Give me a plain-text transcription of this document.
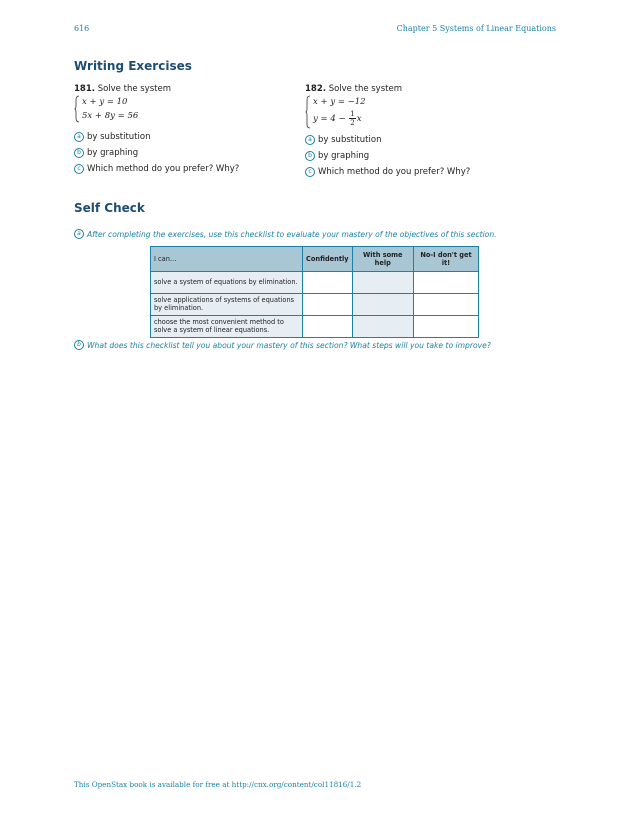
616	Chapter 5 Systems of Linear Equations
Writing Exercises
181. Solve the system
x + y = 10
5x + 8y = 56
a by substitution
b by graphing
c Which method do you prefer? Why?
182. Solve the system
x + y = −12
$y = 4 - \frac{1}{2}$ x
a by substitution
b by graphing
c Which method do you prefer? Why?
Self Check
a After completing the exercises, use this checklist to evaluate your mastery of the objectives of this section.
I can…	Confidently	With some help	No-I don't get it!
solve a system of equations by elimination.			
solve applications of systems of equations by elimination.			
choose the most convenient method to solve a system of linear equations.			
b What does this checklist tell you about your mastery of this section? What steps will you take to improve?
This OpenStax book is available for free at http://cnx.org/content/col11816/1.2
